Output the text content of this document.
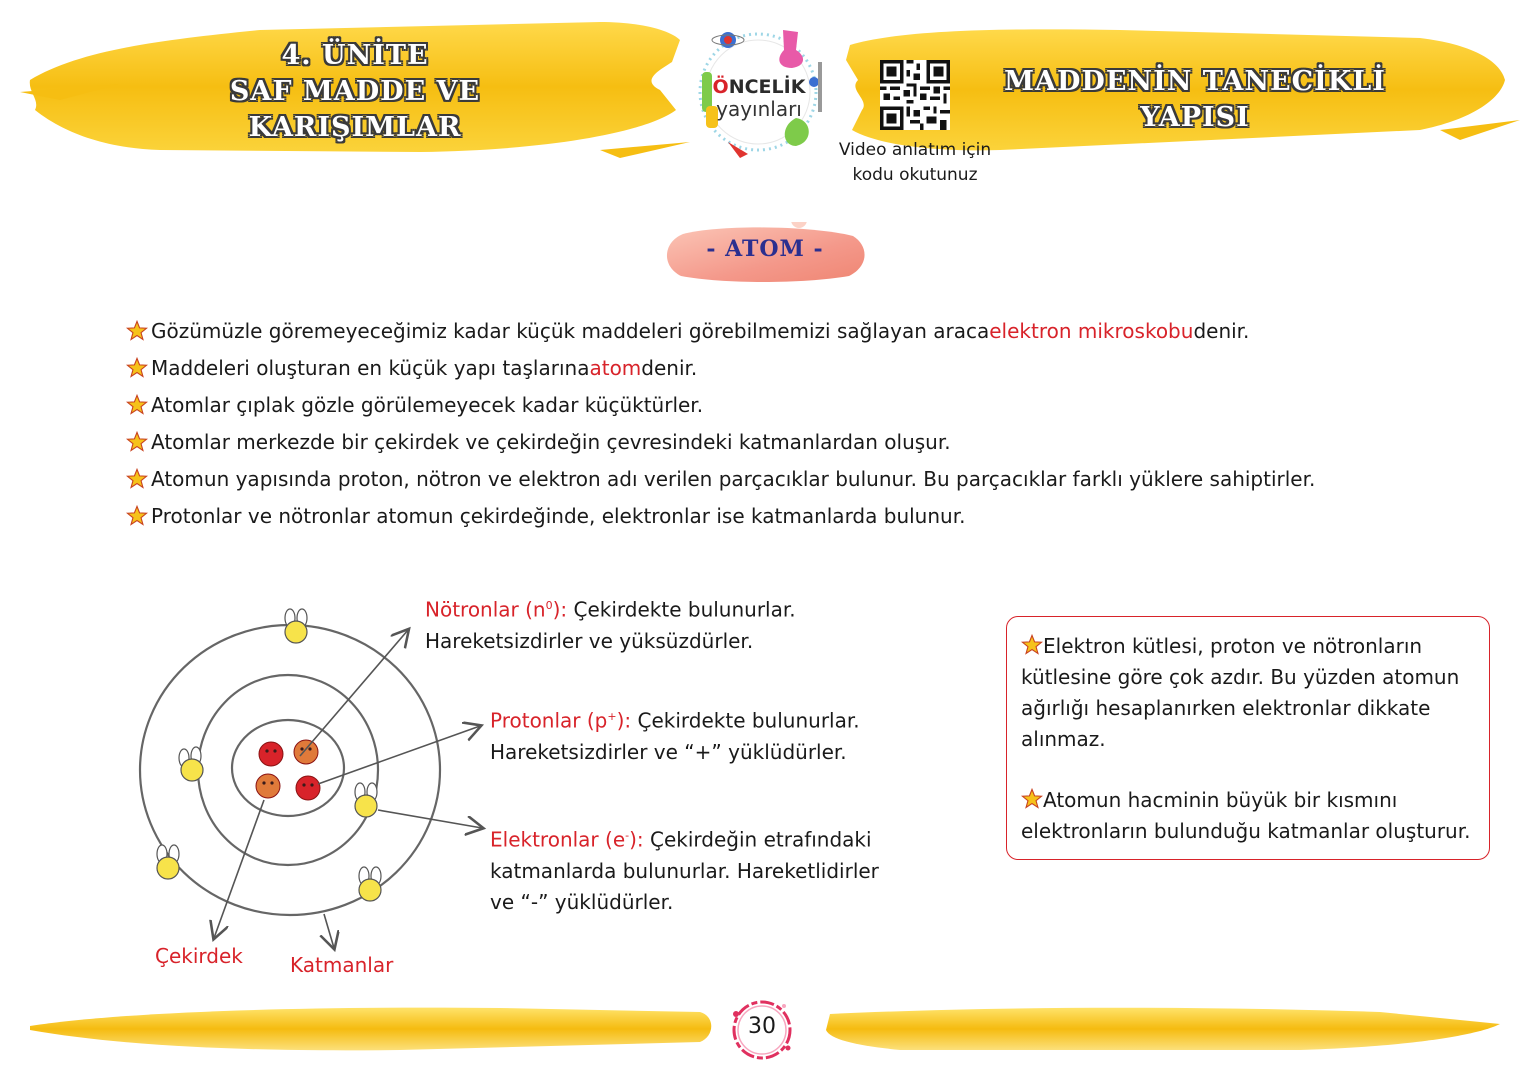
4. ÜNİTE
SAF MADDE VE
KARIŞIMLAR
MADDENİN TANECİKLİ
YAPISI
ÖNCELİK
yayınları
Video anlatım için
kodu okutunuz
- ATOM -
Gözümüzle göremeyeceğimiz kadar küçük maddeleri görebilmemizi sağlayan araca elektron mikroskobu denir.
Maddeleri oluşturan en küçük yapı taşlarına atom denir.
Atomlar çıplak gözle görülemeyecek kadar küçüktürler.
Atomlar merkezde bir çekirdek ve çekirdeğin çevresindeki katmanlardan oluşur.
Atomun yapısında proton, nötron ve elektron adı verilen parçacıklar bulunur. Bu parçacıklar farklı yüklere sahiptirler.
Protonlar ve nötronlar atomun çekirdeğinde, elektronlar ise katmanlarda bulunur.
Çekirdek Katmanlar
Nötronlar $(n^0)$: Çekirdekte bulunurlar.
Hareketsizdirler ve yüksüzdürler.
Protonlar (p+): Çekirdekte bulunurlar.
Hareketsizdirler ve “+” yüklüdürler.
Elektronlar (e-): Çekirdeğin etrafındaki
katmanlarda bulunurlar. Hareketlidirler
ve “-” yüklüdürler.
Elektron kütlesi, proton ve nötronların
kütlesine göre çok azdır. Bu yüzden atomun
ağırlığı hesaplanırken elektronlar dikkate
alınmaz.
Atomun hacminin büyük bir kısmını
elektronların bulunduğu katmanlar oluşturur.
30
